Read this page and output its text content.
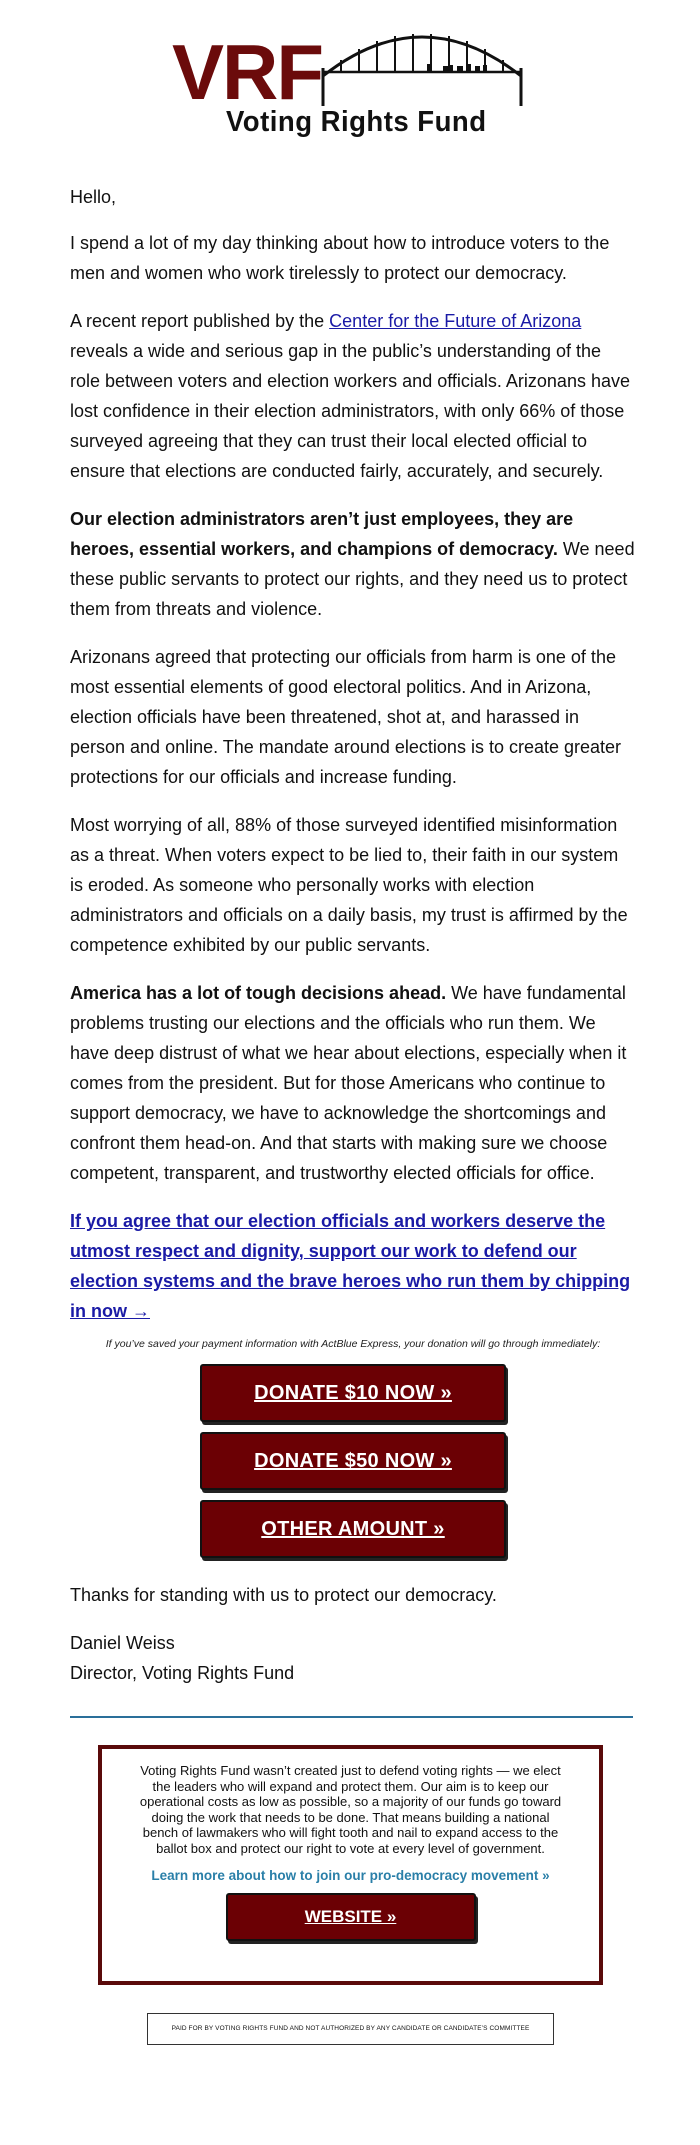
VRF
Voting Rights Fund

Hello,

I spend a lot of my day thinking about how to introduce voters to the men and women who work tirelessly to protect our democracy.

A recent report published by the Center for the Future of Arizona reveals a wide and serious gap in the public’s understanding of the role between voters and election workers and officials. Arizonans have lost confidence in their election administrators, with only 66% of those surveyed agreeing that they can trust their local elected official to ensure that elections are conducted fairly, accurately, and securely.

Our election administrators aren’t just employees, they are heroes, essential workers, and champions of democracy. We need these public servants to protect our rights, and they need us to protect them from threats and violence.

Arizonans agreed that protecting our officials from harm is one of the most essential elements of good electoral politics. And in Arizona, election officials have been threatened, shot at, and harassed in person and online. The mandate around elections is to create greater protections for our officials and increase funding.

Most worrying of all, 88% of those surveyed identified misinformation as a threat. When voters expect to be lied to, their faith in our system is eroded. As someone who personally works with election administrators and officials on a daily basis, my trust is affirmed by the competence exhibited by our public servants.

America has a lot of tough decisions ahead. We have fundamental problems trusting our elections and the officials who run them. We have deep distrust of what we hear about elections, especially when it comes from the president. But for those Americans who continue to support democracy, we have to acknowledge the shortcomings and confront them head-on. And that starts with making sure we choose competent, transparent, and trustworthy elected officials for office.

If you agree that our election officials and workers deserve the utmost respect and dignity, support our work to defend our election systems and the brave heroes who run them by chipping in now →
If you’ve saved your payment information with ActBlue Express, your donation will go through immediately:
DONATE $10 NOW »
DONATE $50 NOW »
OTHER AMOUNT »

Thanks for standing with us to protect our democracy.

Daniel Weiss

Director, Voting Rights Fund

Voting Rights Fund wasn’t created just to defend voting rights — we elect the leaders who will expand and protect them. Our aim is to keep our operational costs as low as possible, so a majority of our funds go toward doing the work that needs to be done. That means building a national bench of lawmakers who will fight tooth and nail to expand access to the ballot box and protect our right to vote at every level of government.
Learn more about how to join our pro-democracy movement »
WEBSITE »
PAID FOR BY VOTING RIGHTS FUND AND NOT AUTHORIZED BY ANY CANDIDATE OR CANDIDATE’S COMMITTEE
